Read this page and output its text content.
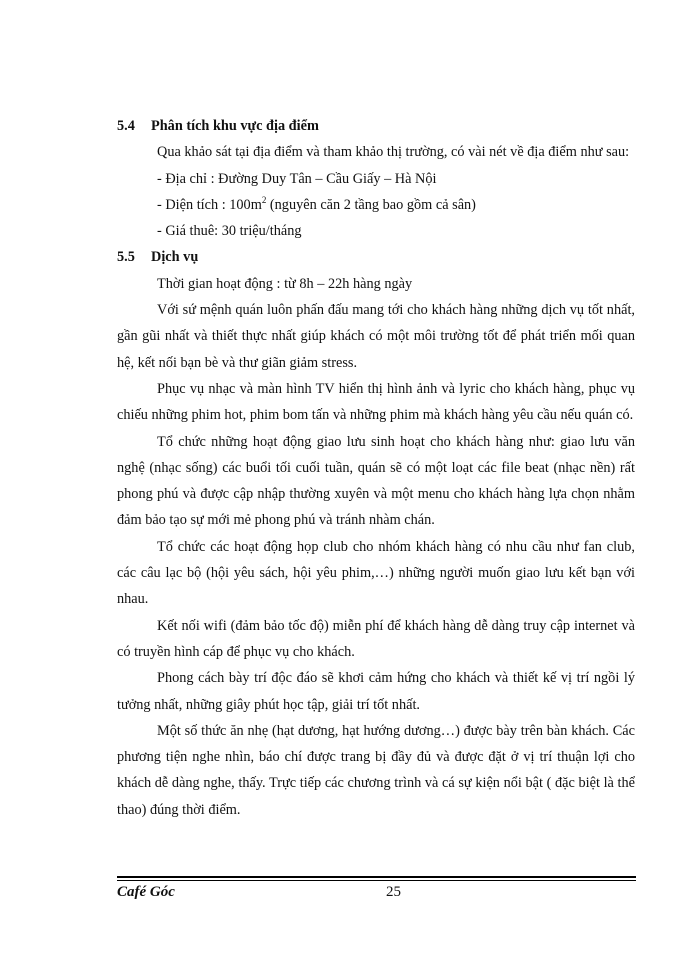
5.4 Phân tích khu vực địa điểm

Qua khảo sát tại địa điểm và tham khảo thị trường, có vài nét về địa điểm như sau:

- Địa chỉ : Đường Duy Tân – Cầu Giấy – Hà Nội

- Diện tích : $100m^2$ (nguyên căn 2 tầng bao gồm cả sân)

- Giá thuê: 30 triệu/tháng

5.5 Dịch vụ

Thời gian hoạt động : từ 8h – 22h hàng ngày

Với sứ mệnh quán luôn phấn đấu mang tới cho khách hàng những dịch vụ tốt nhất, gần gũi nhất và thiết thực nhất giúp khách có một môi trường tốt để phát triển mối quan hệ, kết nối bạn bè và thư giãn giảm stress.

Phục vụ nhạc và màn hình TV hiển thị hình ảnh và lyric cho khách hàng, phục vụ chiếu những phim hot, phim bom tấn và những phim mà khách hàng yêu cầu nếu quán có.

Tổ chức những hoạt động giao lưu sinh hoạt cho khách hàng như: giao lưu văn nghệ (nhạc sống) các buổi tối cuối tuần, quán sẽ có một loạt các file beat (nhạc nền) rất phong phú và được cập nhập thường xuyên và một menu cho khách hàng lựa chọn nhằm đảm bảo tạo sự mới mẻ phong phú và tránh nhàm chán.

Tổ chức các hoạt động họp club cho nhóm khách hàng có nhu cầu như fan club, các câu lạc bộ (hội yêu sách, hội yêu phim,…) những người muốn giao lưu kết bạn với nhau.

Kết nối wifi (đảm bảo tốc độ) miễn phí để khách hàng dễ dàng truy cập internet và có truyền hình cáp để phục vụ cho khách.

Phong cách bày trí độc đáo sẽ khơi cảm hứng cho khách và thiết kế vị trí ngồi lý tưởng nhất, những giây phút học tập, giải trí tốt nhất.

Một số thức ăn nhẹ (hạt dương, hạt hướng dương…) được bày trên bàn khách. Các phương tiện nghe nhìn, báo chí được trang bị đầy đủ và được đặt ở vị trí thuận lợi cho khách dễ dàng nghe, thấy. Trực tiếp các chương trình và cá sự kiện nổi bật ( đặc biệt là thể thao) đúng thời điểm.

Café Góc	25
